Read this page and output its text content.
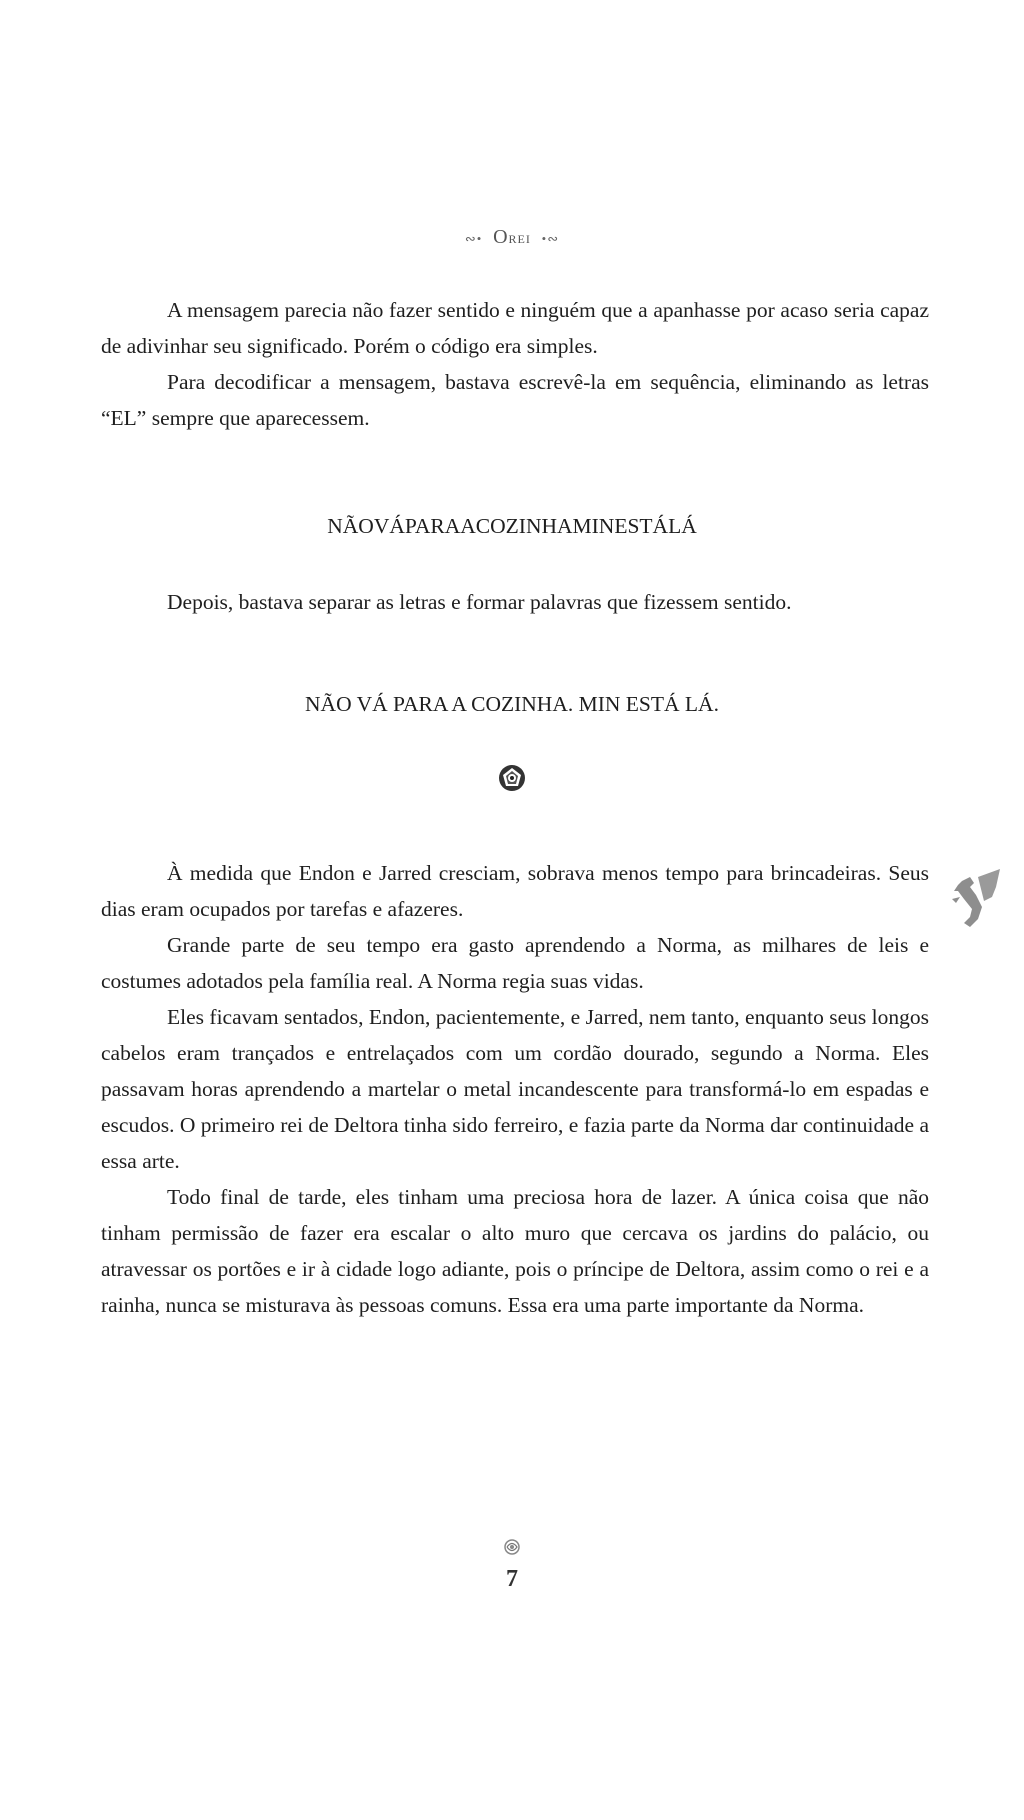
∾• OREI •∾

A mensagem parecia não fazer sentido e ninguém que a apanhasse por acaso seria capaz de adivinhar seu significado. Porém o código era simples.

Para decodificar a mensagem, bastava escrevê-la em sequência, eliminando as letras “EL” sempre que aparecessem.

NÃOVÁPARAACOZINHAMINESTÁLÁ

Depois, bastava separar as letras e formar palavras que fizessem sentido.

NÃO VÁ PARA A COZINHA. MIN ESTÁ LÁ.

À medida que Endon e Jarred cresciam, sobrava menos tempo para brincadeiras. Seus dias eram ocupados por tarefas e afazeres.

Grande parte de seu tempo era gasto aprendendo a Norma, as milhares de leis e costumes adotados pela família real. A Norma regia suas vidas.

Eles ficavam sentados, Endon, pacientemente, e Jarred, nem tanto, enquanto seus longos cabelos eram trançados e entrelaçados com um cordão dourado, segundo a Norma. Eles passavam horas aprendendo a martelar o metal incandescente para transformá-lo em espadas e escudos. O primeiro rei de Deltora tinha sido ferreiro, e fazia parte da Norma dar continuidade a essa arte.

Todo final de tarde, eles tinham uma preciosa hora de lazer. A única coisa que não tinham permissão de fazer era escalar o alto muro que cercava os jardins do palácio, ou atravessar os portões e ir à cidade logo adiante, pois o príncipe de Deltora, assim como o rei e a rainha, nunca se misturava às pessoas comuns. Essa era uma parte importante da Norma.

7
